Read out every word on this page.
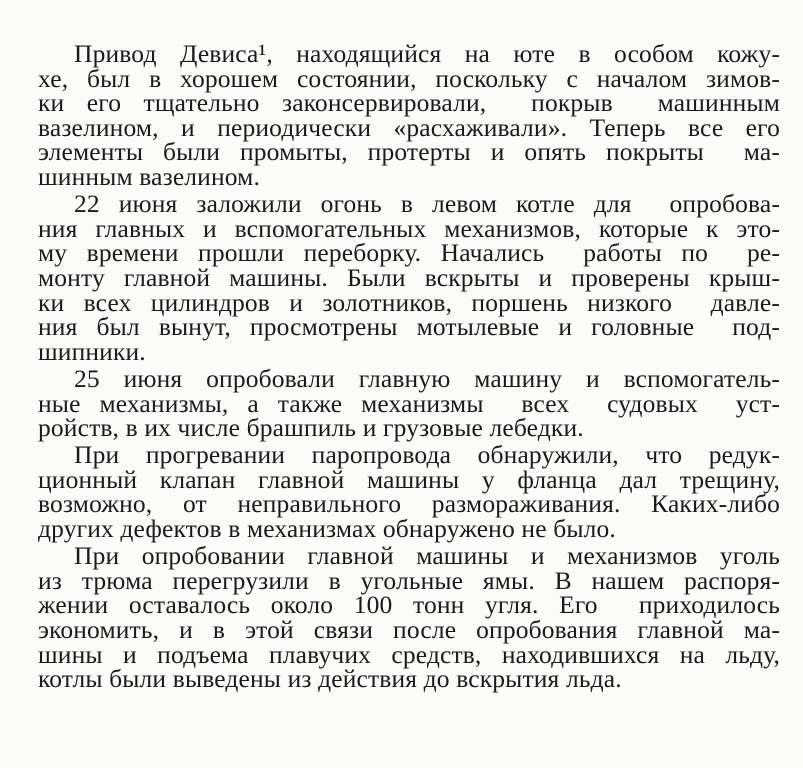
Привод Девиса¹, находящийся на юте в особом кожу-
хе, был в хорошем состоянии, поскольку с началом зимов-
ки его тщательно законсервировали,  покрыв  машинным
вазелином, и периодически «расхаживали». Теперь все его
элементы были промыты, протерты и опять покрыты  ма-
шинным вазелином.
22 июня заложили огонь в левом котле для  опробова-
ния главных и вспомогательных механизмов, которые к это-
му времени прошли переборку. Начались  работы по  ре-
монту главной машины. Были вскрыты и проверены крыш-
ки всех цилиндров и золотников, поршень низкого  давле-
ния был вынут, просмотрены мотылевые и головные  под-
шипники.
25 июня опробовали главную машину и вспомогатель-
ные механизмы, а также механизмы  всех  судовых  уст-
ройств, в их числе брашпиль и грузовые лебедки.
При прогревании паропровода обнаружили, что редук-
ционный клапан главной машины у фланца дал трещину,
возможно, от неправильного размораживания. Каких-либо
других дефектов в механизмах обнаружено не было.
При опробовании главной машины и механизмов уголь
из трюма перегрузили в угольные ямы. В нашем распоря-
жении оставалось около 100 тонн угля. Его  приходилось
экономить, и в этой связи после опробования главной ма-
шины и подъема плавучих средств, находившихся на льду,
котлы были выведены из действия до вскрытия льда.
